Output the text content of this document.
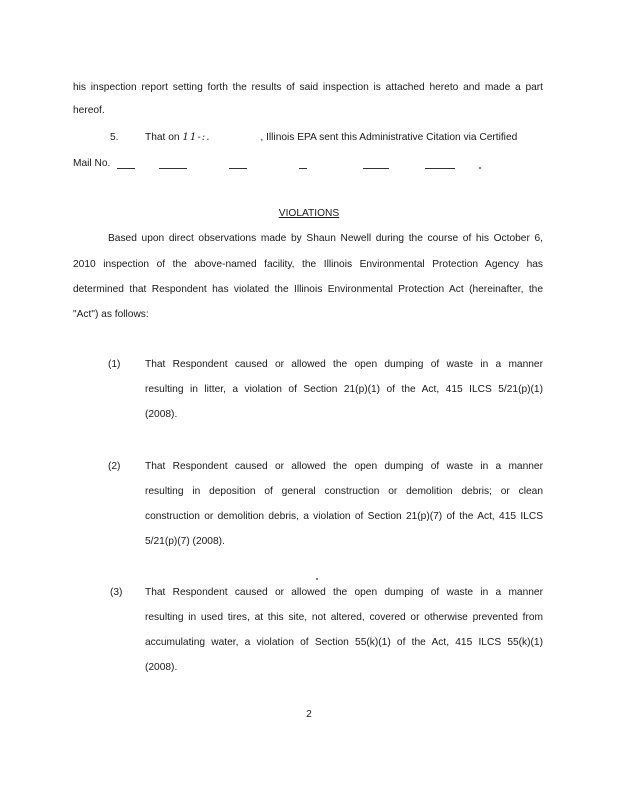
his inspection report setting forth the results of said inspection is attached hereto and made a part
hereof.
5.	That on 11-:.	, Illinois EPA sent this Administrative Citation via Certified
Mail No.
VIOLATIONS
Based upon direct observations made by Shaun Newell during the course of his October 6,
2010 inspection of the above-named facility, the Illinois Environmental Protection Agency has
determined that Respondent has violated the Illinois Environmental Protection Act (hereinafter, the
"Act") as follows:
(1) That Respondent caused or allowed the open dumping of waste in a manner
resulting in litter, a violation of Section 21(p)(1) of the Act, 415 ILCS 5/21(p)(1)
(2008).
(2) That Respondent caused or allowed the open dumping of waste in a manner
resulting in deposition of general construction or demolition debris; or clean
construction or demolition debris, a violation of Section 21(p)(7) of the Act, 415 ILCS
5/21(p)(7) (2008).
(3) That Respondent caused or allowed the open dumping of waste in a manner
resulting in used tires, at this site, not altered, covered or otherwise prevented from
accumulating water, a violation of Section 55(k)(1) of the Act, 415 ILCS 55(k)(1)
(2008).
2
